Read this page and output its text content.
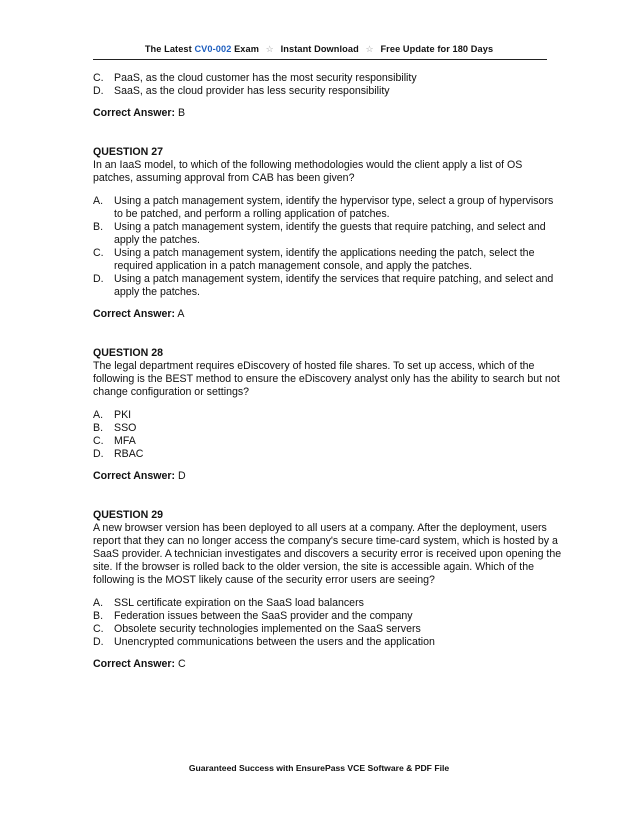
The Latest CV0-002 Exam ☆ Instant Download ☆ Free Update for 180 Days
C. PaaS, as the cloud customer has the most security responsibility
D. SaaS, as the cloud provider has less security responsibility
Correct Answer: B
QUESTION 27
In an IaaS model, to which of the following methodologies would the client apply a list of OS patches, assuming approval from CAB has been given?
A.	Using a patch management system, identify the hypervisor type, select a group of hypervisors to be patched, and perform a rolling application of patches.
B.	Using a patch management system, identify the guests that require patching, and select and apply the patches.
C. Using a patch management system, identify the applications needing the patch, select the required application in a patch management console, and apply the patches.
D. Using a patch management system, identify the services that require patching, and select and apply the patches.
Correct Answer: A
QUESTION 28
The legal department requires eDiscovery of hosted file shares. To set up access, which of the following is the BEST method to ensure the eDiscovery analyst only has the ability to search but not change configuration or settings?
A.	PKI
B.	SSO
C. MFA
D. RBAC
Correct Answer: D
QUESTION 29
A new browser version has been deployed to all users at a company. After the deployment, users report that they can no longer access the company's secure time-card system, which is hosted by a SaaS provider. A technician investigates and discovers a security error is received upon opening the site. If the browser is rolled back to the older version, the site is accessible again. Which of the following is the MOST likely cause of the security error users are seeing?
A.	SSL certificate expiration on the SaaS load balancers
B.	Federation issues between the SaaS provider and the company
C. Obsolete security technologies implemented on the SaaS servers
D. Unencrypted communications between the users and the application
Correct Answer: C
Guaranteed Success with EnsurePass VCE Software & PDF File
